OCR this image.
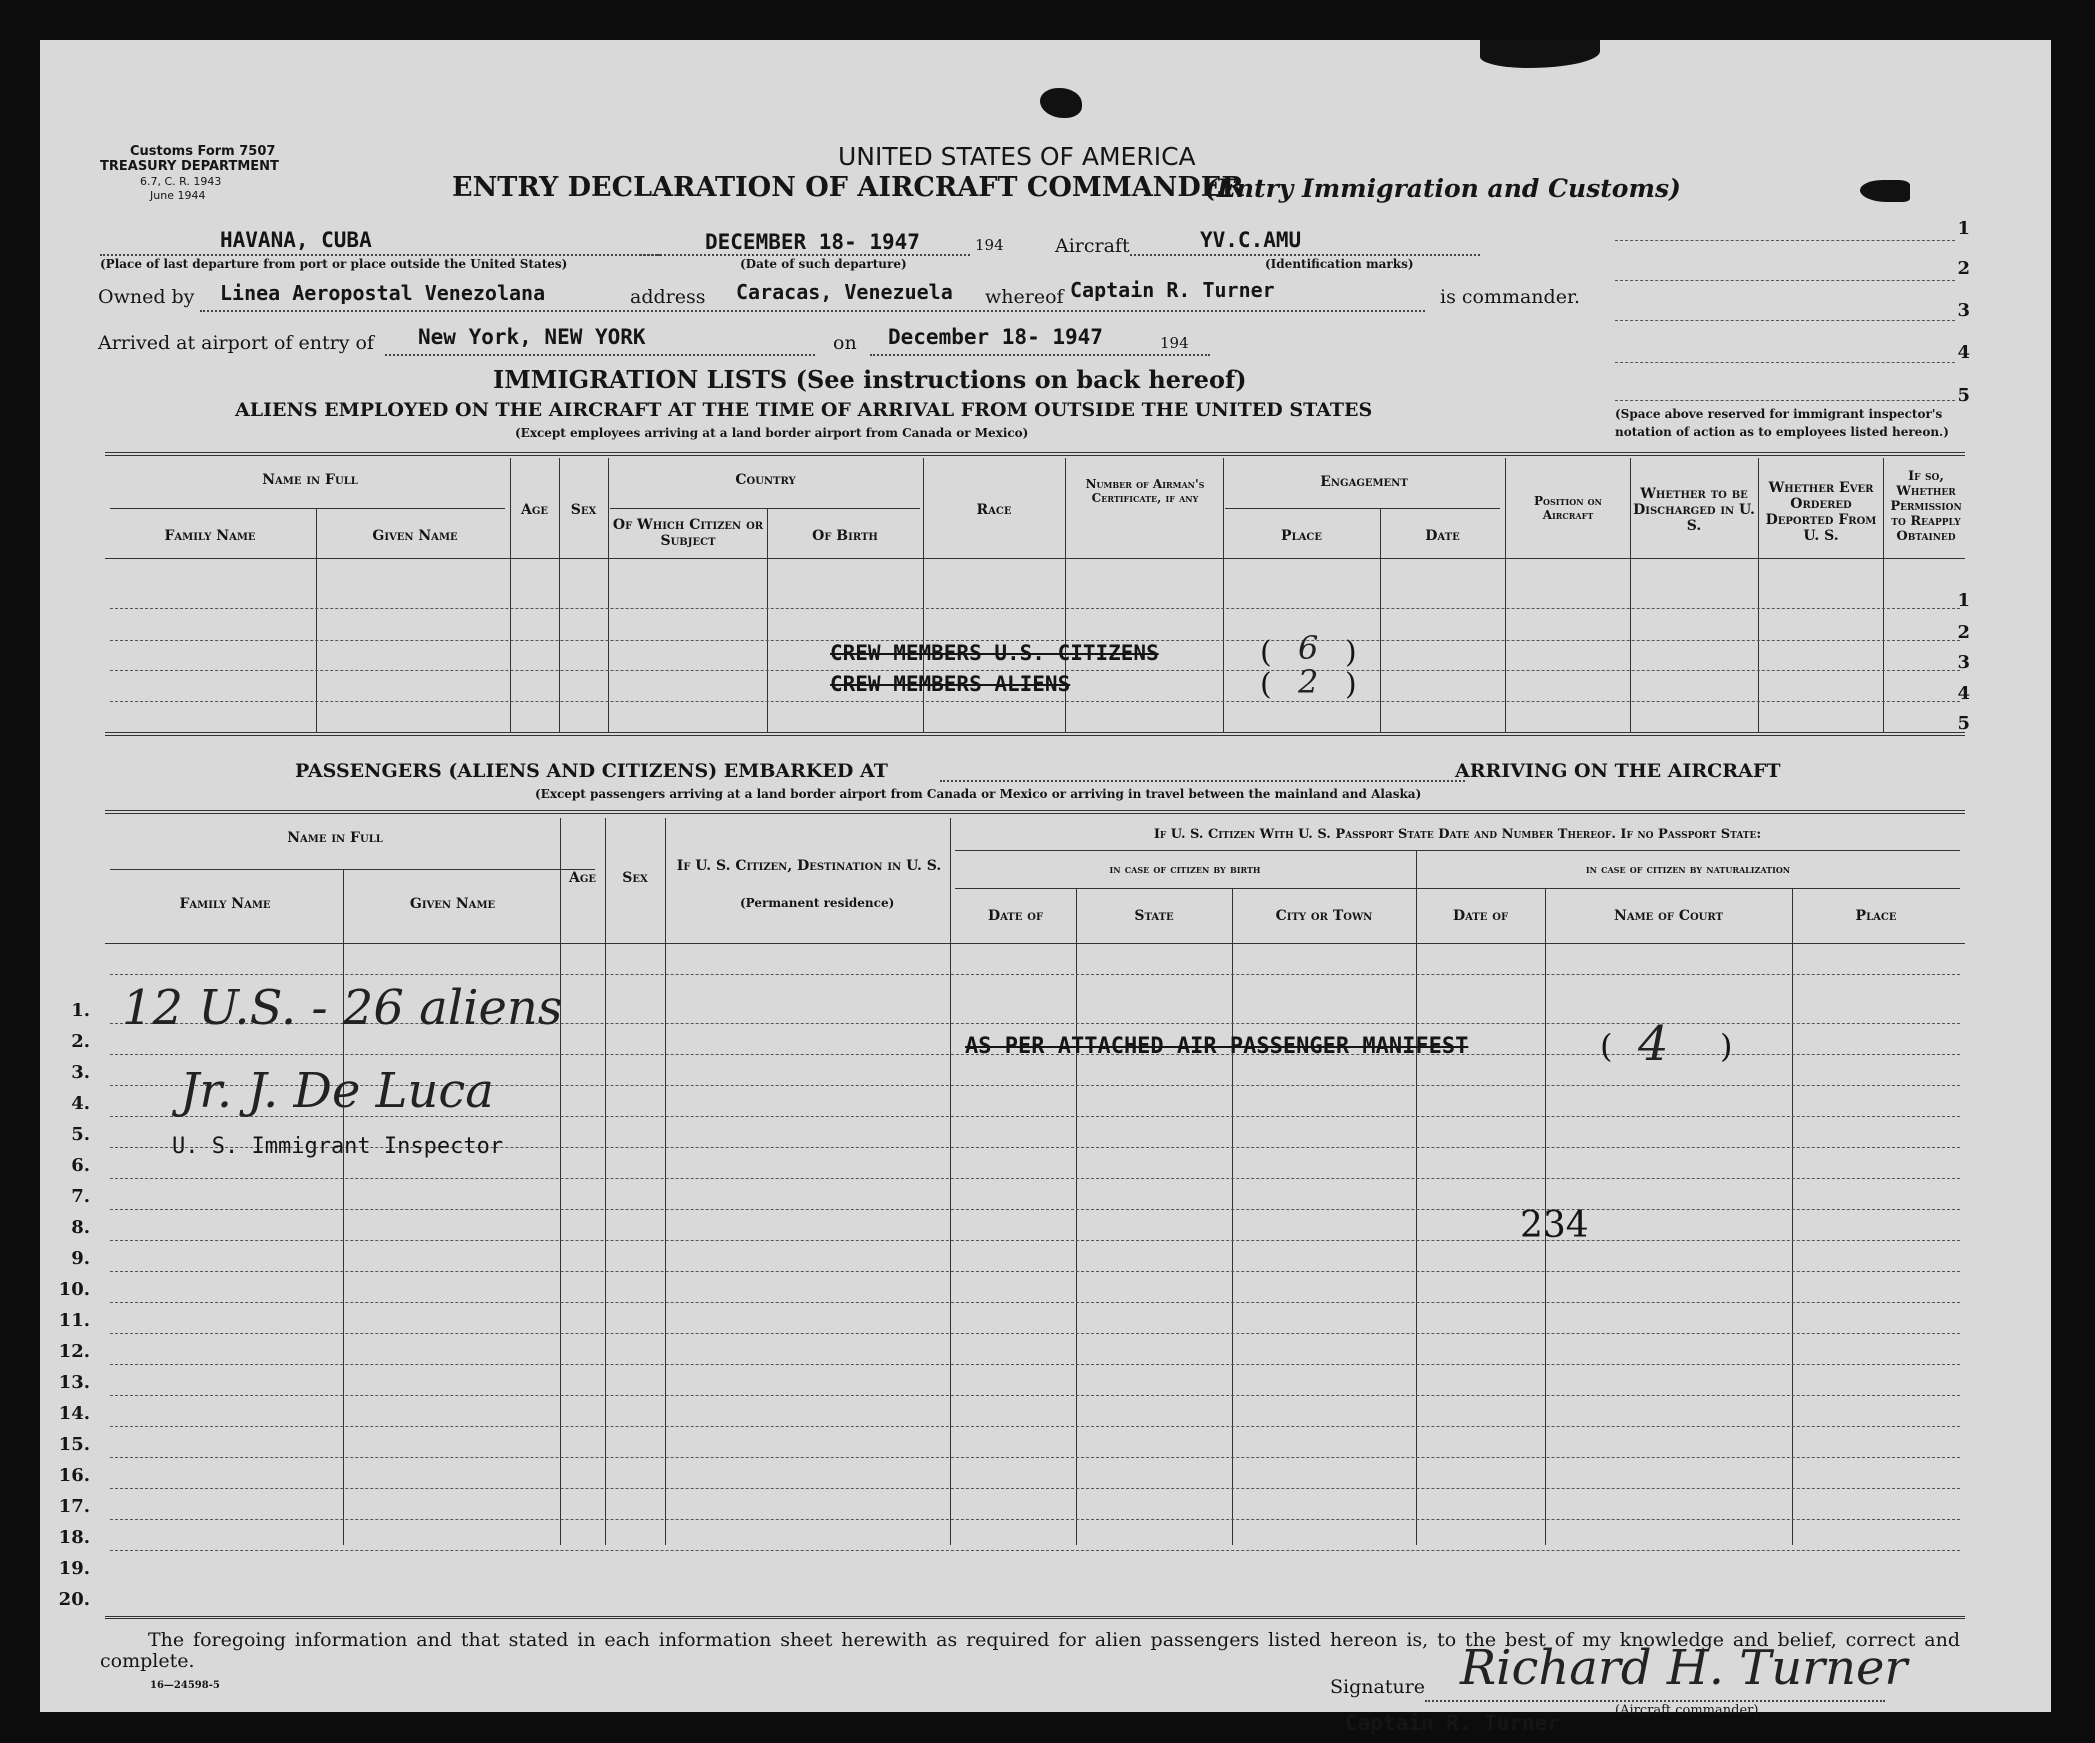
Customs Form 7507
TREASURY DEPARTMENT
6.7, C. R. 1943
June 1944
UNITED STATES OF AMERICA
ENTRY DECLARATION OF AIRCRAFT COMMANDER
(Entry Immigration and Customs)
1
2
3
4
5
(Space above reserved for immigrant inspector's
notation of action as to employees listed hereon.)
HAVANA, CUBA
(Place of last departure from port or place outside the United States)
DECEMBER 18- 1947	194
(Date of such departure)
Aircraft	YV.C.AMU
(Identification marks)
Owned by Linea Aeropostal Venezolana	address Caracas, Venezuela whereof Captain R. Turner	is commander.
Arrived at airport of entry of New York, NEW YORK	on December 18- 1947	194
IMMIGRATION LISTS (See instructions on back hereof)
ALIENS EMPLOYED ON THE AIRCRAFT AT THE TIME OF ARRIVAL FROM OUTSIDE THE UNITED STATES
(Except employees arriving at a land border airport from Canada or Mexico)
Name in Full
Family Name	Given Name
Age	Sex
Country
Of Which Citizen or Subject	Of Birth
Race
Number of Airman's Certificate, if any
Engagement
Place	Date
Position on Aircraft
Whether to be Discharged in U. S.
Whether Ever Ordered Deported From U. S.
If so, Whether Permission to Reapply Obtained
1
2
3
4
5
CREW MEMBERS U.S. CITIZENS
CREW MEMBERS ALIENS
( 6 )
( 2 )
PASSENGERS (ALIENS AND CITIZENS) EMBARKED AT	ARRIVING ON THE AIRCRAFT
(Except passengers arriving at a land border airport from Canada or Mexico or arriving in travel between the mainland and Alaska)
Name in Full
Family Name	Given Name
Age	Sex
If U. S. Citizen, Destination in U. S.
(Permanent residence)
If U. S. Citizen With U. S. Passport State Date and Number Thereof. If no Passport State:
in case of citizen by birth	in case of citizen by naturalization
Date of	State	City or Town	Date of	Name of Court	Place
1.
2.
3.
4.
5.
6.
7.
8.
9.
10.
11.
12.
13.
14.
15.
16.
17.
18.
19.
20.
12 U.S. - 26 aliens
Jr. J. De Luca
U. S. Immigrant Inspector
AS PER ATTACHED AIR PASSENGER MANIFEST	( 4 )
234
The foregoing information and that stated in each information sheet herewith as required for alien passengers listed hereon is, to the best of my knowledge and belief, correct and complete.
16—24598-5	Signature Richard H. Turner
(Aircraft commander)
Captain R. Turner
